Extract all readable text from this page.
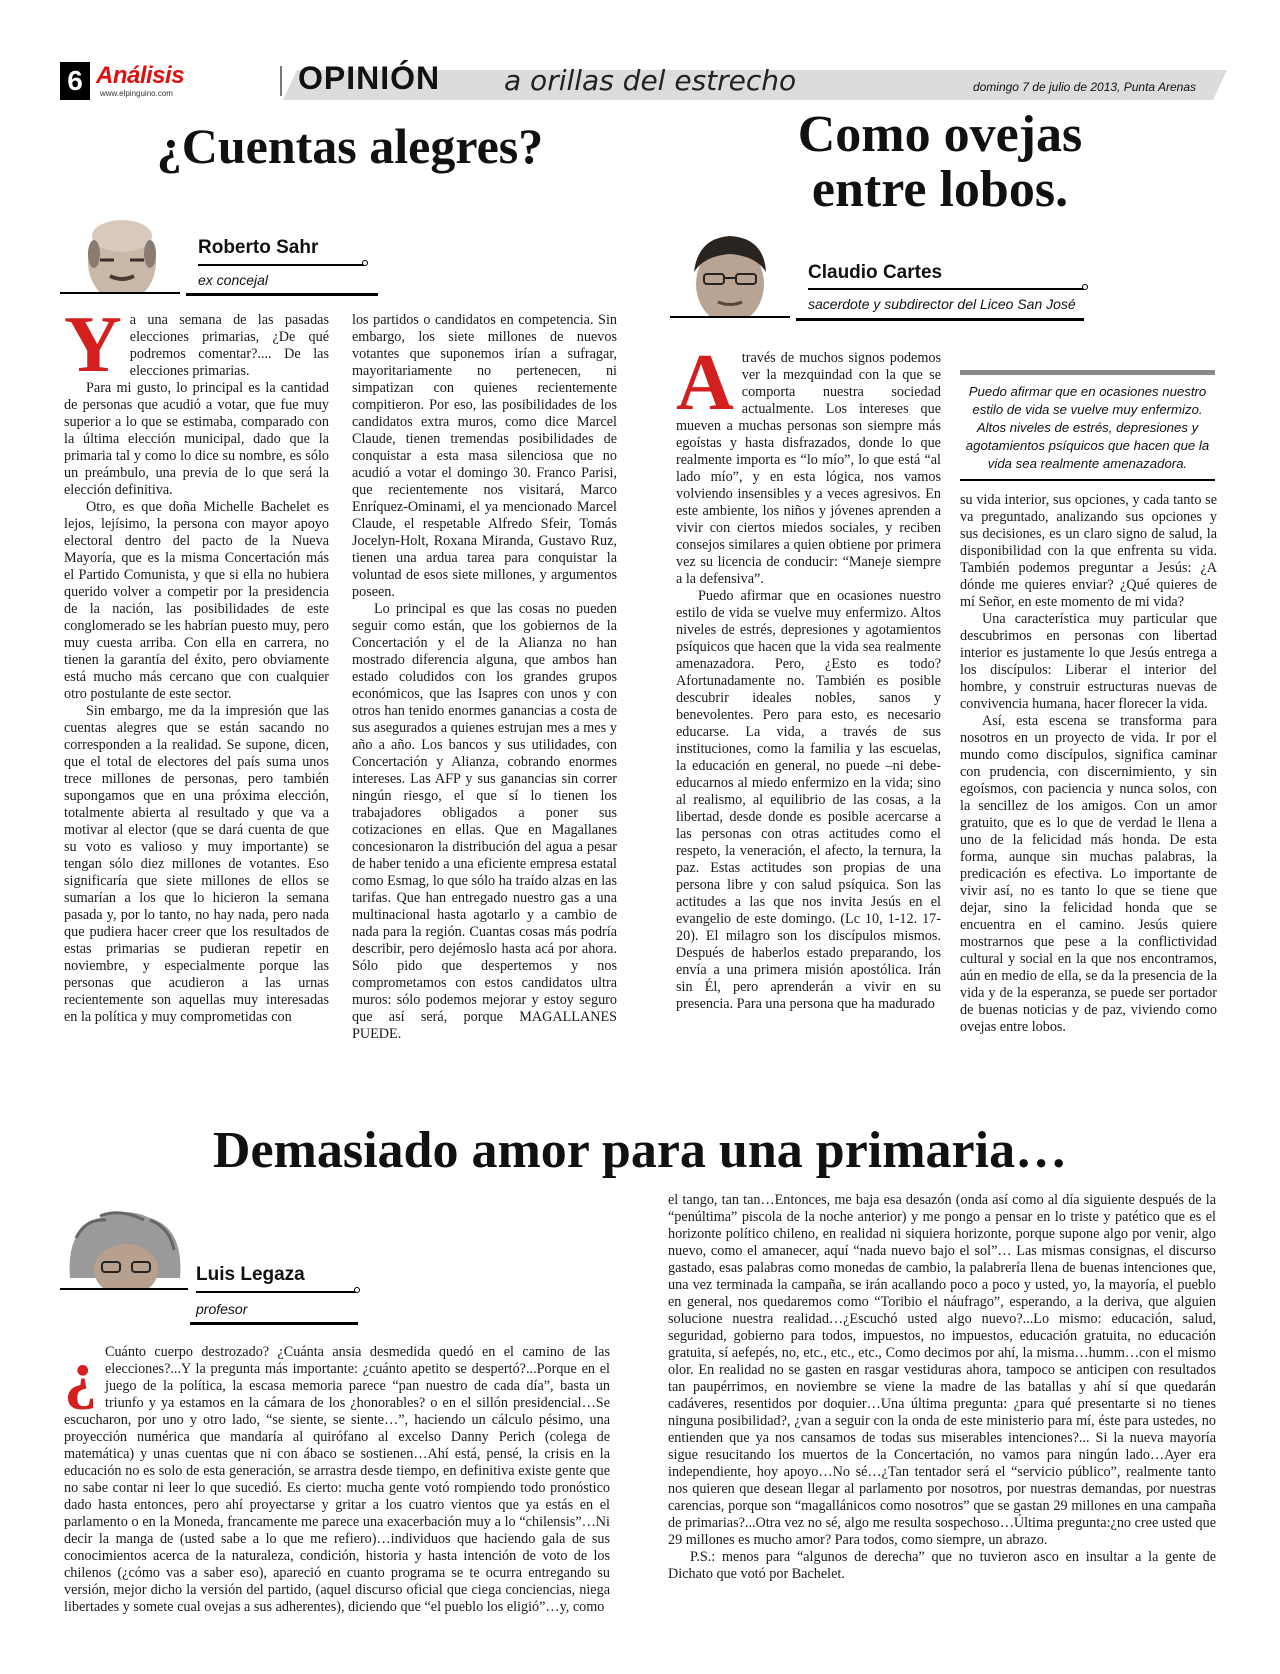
6 Análisis
www.elpinguino.com	OPINIÓN a orillas del estrecho	domingo 7 de julio de 2013, Punta Arenas
¿Cuentas alegres?
Roberto Sahr
ex concejal
Y a una semana de las pasadas elecciones primarias, ¿De qué podremos comentar?.... De las elecciones primarias.

Para mi gusto, lo principal es la cantidad de personas que acudió a votar, que fue muy superior a lo que se estimaba, comparado con la última elección municipal, dado que la primaria tal y como lo dice su nombre, es sólo un preámbulo, una previa de lo que será la elección definitiva.

Otro, es que doña Michelle Bachelet es lejos, lejísimo, la persona con mayor apoyo electoral dentro del pacto de la Nueva Mayoría, que es la misma Concertación más el Partido Comunista, y que si ella no hubiera querido volver a competir por la presidencia de la nación, las posibilidades de este conglomerado se les habrían puesto muy, pero muy cuesta arriba. Con ella en carrera, no tienen la garantía del éxito, pero obviamente está mucho más cercano que con cualquier otro postulante de este sector.

Sin embargo, me da la impresión que las cuentas alegres que se están sacando no corresponden a la realidad. Se supone, dicen, que el total de electores del país suma unos trece millones de personas, pero también supongamos que en una próxima elección, totalmente abierta al resultado y que va a motivar al elector (que se dará cuenta de que su voto es valioso y muy importante) se tengan sólo diez millones de votantes. Eso significaría que siete millones de ellos se sumarían a los que lo hicieron la semana pasada y, por lo tanto, no hay nada, pero nada que pudiera hacer creer que los resultados de estas primarias se pudieran repetir en noviembre, y especialmente porque las personas que acudieron a las urnas recientemente son aquellas muy interesadas en la política y muy comprometidas con

los partidos o candidatos en competencia. Sin embargo, los siete millones de nuevos votantes que suponemos irían a sufragar, mayoritariamente no pertenecen, ni simpatizan con quienes recientemente compitieron. Por eso, las posibilidades de los candidatos extra muros, como dice Marcel Claude, tienen tremendas posibilidades de conquistar a esta masa silenciosa que no acudió a votar el domingo 30. Franco Parisi, que recientemente nos visitará, Marco Enríquez-Ominami, el ya mencionado Marcel Claude, el respetable Alfredo Sfeir, Tomás Jocelyn-Holt, Roxana Miranda, Gustavo Ruz, tienen una ardua tarea para conquistar la voluntad de esos siete millones, y argumentos poseen.

Lo principal es que las cosas no pueden seguir como están, que los gobiernos de la Concertación y el de la Alianza no han mostrado diferencia alguna, que ambos han estado coludidos con los grandes grupos económicos, que las Isapres con unos y con otros han tenido enormes ganancias a costa de sus asegurados a quienes estrujan mes a mes y año a año. Los bancos y sus utilidades, con Concertación y Alianza, cobrando enormes intereses. Las AFP y sus ganancias sin correr ningún riesgo, el que sí lo tienen los trabajadores obligados a poner sus cotizaciones en ellas. Que en Magallanes concesionaron la distribución del agua a pesar de haber tenido a una eficiente empresa estatal como Esmag, lo que sólo ha traído alzas en las tarifas. Que han entregado nuestro gas a una multinacional hasta agotarlo y a cambio de nada para la región. Cuantas cosas más podría describir, pero dejémoslo hasta acá por ahora. Sólo pido que despertemos y nos comprometamos con estos candidatos ultra muros: sólo podemos mejorar y estoy seguro que así será, porque MAGALLANES PUEDE.

Como ovejas entre lobos.
Claudio Cartes
sacerdote y subdirector del Liceo San José
A través de muchos signos podemos ver la mezquindad con la que se comporta nuestra sociedad actualmente. Los intereses que mueven a muchas personas son siempre más egoístas y hasta disfrazados, donde lo que realmente importa es “lo mío”, lo que está “al lado mío”, y en esta lógica, nos vamos volviendo insensibles y a veces agresivos. En este ambiente, los niños y jóvenes aprenden a vivir con ciertos miedos sociales, y reciben consejos similares a quien obtiene por primera vez su licencia de conducir: “Maneje siempre a la defensiva”.

Puedo afirmar que en ocasiones nuestro estilo de vida se vuelve muy enfermizo. Altos niveles de estrés, depresiones y agotamientos psíquicos que hacen que la vida sea realmente amenazadora. Pero, ¿Esto es todo? Afortunadamente no. También es posible descubrir ideales nobles, sanos y benevolentes. Pero para esto, es necesario educarse. La vida, a través de sus instituciones, como la familia y las escuelas, la educación en general, no puede –ni debe- educarnos al miedo enfermizo en la vida; sino al realismo, al equilibrio de las cosas, a la libertad, desde donde es posible acercarse a las personas con otras actitudes como el respeto, la veneración, el afecto, la ternura, la paz. Estas actitudes son propias de una persona libre y con salud psíquica. Son las actitudes a las que nos invita Jesús en el evangelio de este domingo. (Lc 10, 1-12. 17-20). El milagro son los discípulos mismos. Después de haberlos estado preparando, los envía a una primera misión apostólica. Irán sin Él, pero aprenderán a vivir en su presencia. Para una persona que ha madurado

Puedo afirmar que en ocasiones nuestro estilo de vida se vuelve muy enfermizo. Altos niveles de estrés, depresiones y agotamientos psíquicos que hacen que la vida sea realmente amenazadora.

su vida interior, sus opciones, y cada tanto se va preguntado, analizando sus opciones y sus decisiones, es un claro signo de salud, la disponibilidad con la que enfrenta su vida. También podemos preguntar a Jesús: ¿A dónde me quieres enviar? ¿Qué quieres de mí Señor, en este momento de mi vida?

Una característica muy particular que descubrimos en personas con libertad interior es justamente lo que Jesús entrega a los discípulos: Liberar el interior del hombre, y construir estructuras nuevas de convivencia humana, hacer florecer la vida.

Así, esta escena se transforma para nosotros en un proyecto de vida. Ir por el mundo como discípulos, significa caminar con prudencia, con discernimiento, y sin egoísmos, con paciencia y nunca solos, con la sencillez de los amigos. Con un amor gratuito, que es lo que de verdad le llena a uno de la felicidad más honda. De esta forma, aunque sin muchas palabras, la predicación es efectiva. Lo importante de vivir así, no es tanto lo que se tiene que dejar, sino la felicidad honda que se encuentra en el camino. Jesús quiere mostrarnos que pese a la conflictividad cultural y social en la que nos encontramos, aún en medio de ella, se da la presencia de la vida y de la esperanza, se puede ser portador de buenas noticias y de paz, viviendo como ovejas entre lobos.

Demasiado amor para una primaria…
Luis Legaza
profesor
¿ Cuánto cuerpo destrozado? ¿Cuánta ansia desmedida quedó en el camino de las elecciones?...Y la pregunta más importante: ¿cuánto apetito se despertó?...Porque en el juego de la política, la escasa memoria parece “pan nuestro de cada día”, basta un triunfo y ya estamos en la cámara de los ¿honorables? o en el sillón presidencial…Se escucharon, por uno y otro lado, “se siente, se siente…”, haciendo un cálculo pésimo, una proyección numérica que mandaría al quirófano al excelso Danny Perich (colega de matemática) y unas cuentas que ni con ábaco se sostienen…Ahí está, pensé, la crisis en la educación no es solo de esta generación, se arrastra desde tiempo, en definitiva existe gente que no sabe contar ni leer lo que sucedió. Es cierto: mucha gente votó rompiendo todo pronóstico dado hasta entonces, pero ahí proyectarse y gritar a los cuatro vientos que ya estás en el parlamento o en la Moneda, francamente me parece una exacerbación muy a lo “chilensis”…Ni decir la manga de (usted sabe a lo que me refiero)…individuos que haciendo gala de sus conocimientos acerca de la naturaleza, condición, historia y hasta intención de voto de los chilenos (¿cómo vas a saber eso), apareció en cuanto programa se te ocurra entregando su versión, mejor dicho la versión del partido, (aquel discurso oficial que ciega conciencias, niega libertades y somete cual ovejas a sus adherentes), diciendo que “el pueblo los eligió”…y, como

el tango, tan tan…Entonces, me baja esa desazón (onda así como al día siguiente después de la “penúltima” piscola de la noche anterior) y me pongo a pensar en lo triste y patético que es el horizonte político chileno, en realidad ni siquiera horizonte, porque supone algo por venir, algo nuevo, como el amanecer, aquí “nada nuevo bajo el sol”… Las mismas consignas, el discurso gastado, esas palabras como monedas de cambio, la palabrería llena de buenas intenciones que, una vez terminada la campaña, se irán acallando poco a poco y usted, yo, la mayoría, el pueblo en general, nos quedaremos como “Toribio el náufrago”, esperando, a la deriva, que alguien solucione nuestra realidad…¿Escuchó usted algo nuevo?...Lo mismo: educación, salud, seguridad, gobierno para todos, impuestos, no impuestos, educación gratuita, no educación gratuita, sí aefepés, no, etc., etc., etc., Como decimos por ahí, la misma…humm…con el mismo olor. En realidad no se gasten en rasgar vestiduras ahora, tampoco se anticipen con resultados tan paupérrimos, en noviembre se viene la madre de las batallas y ahí sí que quedarán cadáveres, resentidos por doquier…Una última pregunta: ¿para qué presentarte si no tienes ninguna posibilidad?, ¿van a seguir con la onda de este ministerio para mí, éste para ustedes, no entienden que ya nos cansamos de todas sus miserables intenciones?... Si la nueva mayoría sigue resucitando los muertos de la Concertación, no vamos para ningún lado…Ayer era independiente, hoy apoyo…No sé…¿Tan tentador será el “servicio público”, realmente tanto nos quieren que desean llegar al parlamento por nosotros, por nuestras demandas, por nuestras carencias, porque son “magallánicos como nosotros” que se gastan 29 millones en una campaña de primarias?...Otra vez no sé, algo me resulta sospechoso…Última pregunta:¿no cree usted que 29 millones es mucho amor? Para todos, como siempre, un abrazo.

P.S.: menos para “algunos de derecha” que no tuvieron asco en insultar a la gente de Dichato que votó por Bachelet.
